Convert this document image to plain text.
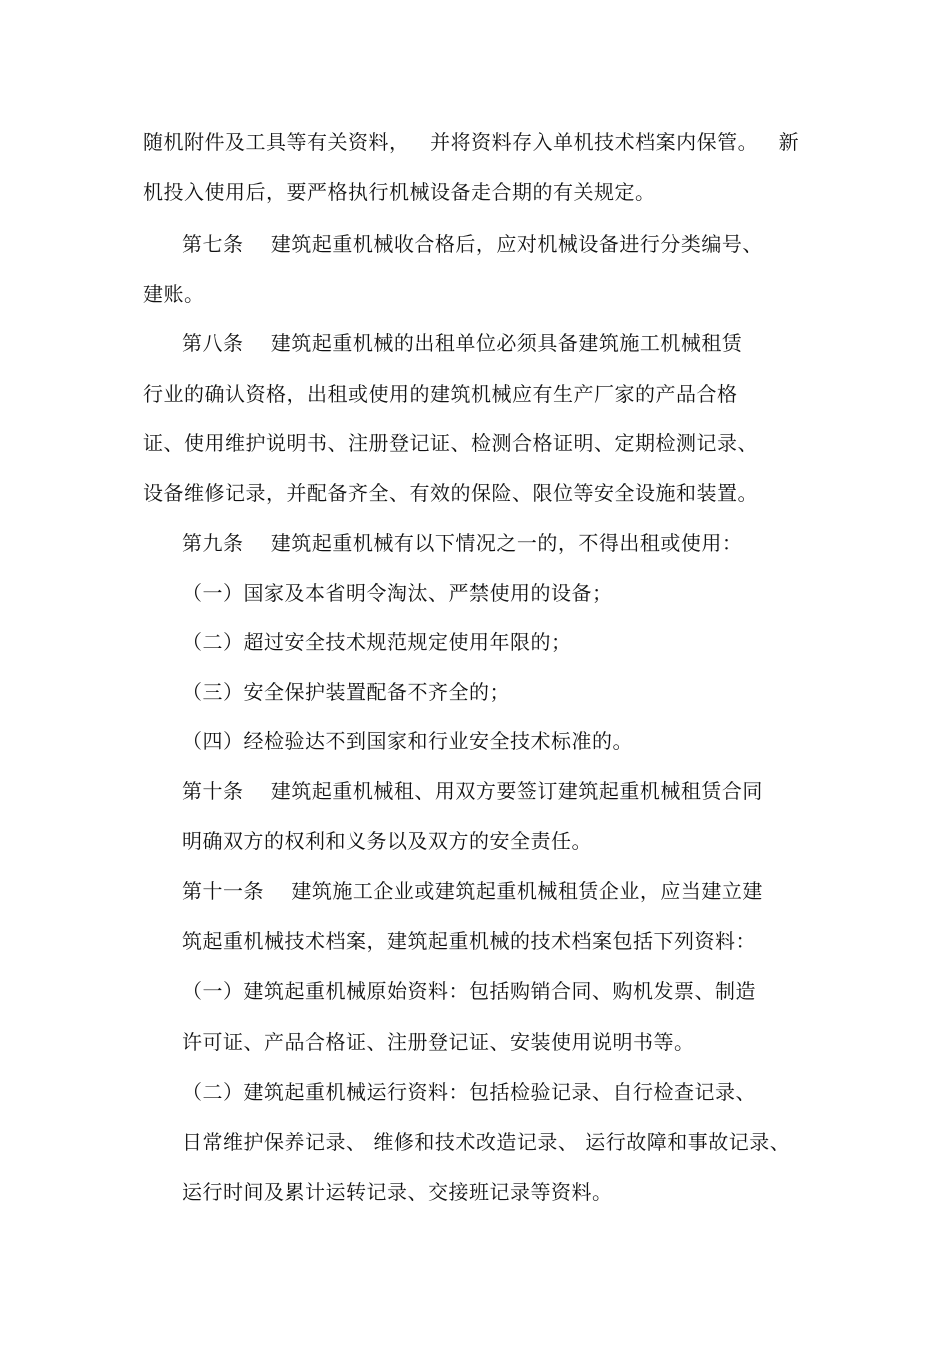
随机附件及工具等有关资料，   并将资料存入单机技术档案内保管。   新
机投入使用后，要严格执行机械设备走合期的有关规定。
第七条    建筑起重机械收合格后，应对机械设备进行分类编号、
建账。
第八条    建筑起重机械的出租单位必须具备建筑施工机械租赁
行业的确认资格，出租或使用的建筑机械应有生产厂家的产品合格
证、使用维护说明书、注册登记证、检测合格证明、定期检测记录、
设备维修记录，并配备齐全、有效的保险、限位等安全设施和装置。
第九条    建筑起重机械有以下情况之一的，不得出租或使用：
（一）国家及本省明令淘汰、严禁使用的设备；
（二）超过安全技术规范规定使用年限的；
（三）安全保护装置配备不齐全的；
（四）经检验达不到国家和行业安全技术标准的。
第十条    建筑起重机械租、用双方要签订建筑起重机械租赁合同
明确双方的权利和义务以及双方的安全责任。
第十一条    建筑施工企业或建筑起重机械租赁企业，应当建立建
筑起重机械技术档案，建筑起重机械的技术档案包括下列资料：
（一）建筑起重机械原始资料：包括购销合同、购机发票、制造
许可证、产品合格证、注册登记证、安装使用说明书等。
（二）建筑起重机械运行资料：包括检验记录、自行检查记录、
日常维护保养记录、 维修和技术改造记录、 运行故障和事故记录、
运行时间及累计运转记录、交接班记录等资料。
